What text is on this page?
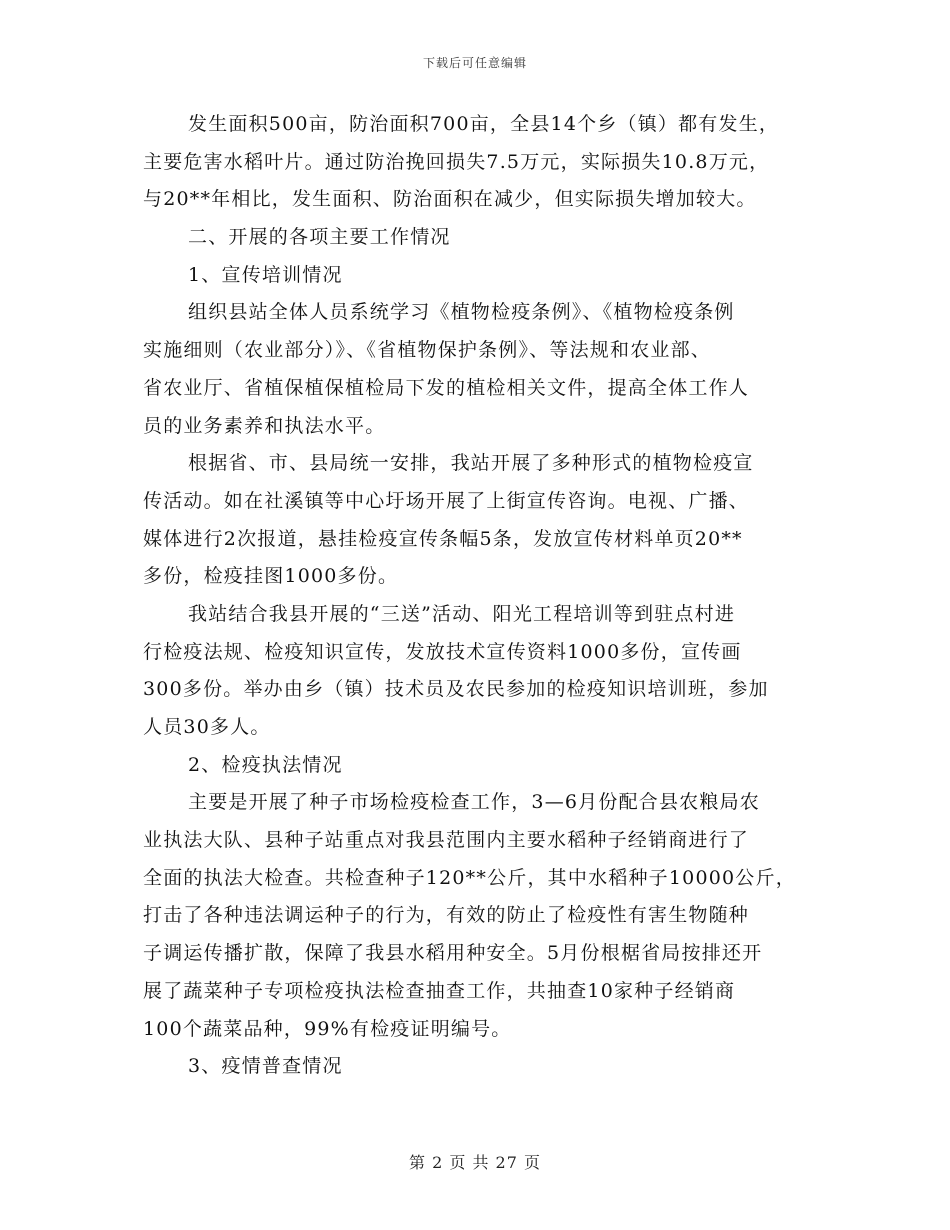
下载后可任意编辑
发生面积500亩，防治面积700亩，全县14个乡（镇）都有发生，
主要危害水稻叶片。通过防治挽回损失7.5万元，实际损失10.8万元，
与20**年相比，发生面积、防治面积在减少，但实际损失增加较大。
二、开展的各项主要工作情况
1、宣传培训情况
组织县站全体人员系统学习《植物检疫条例》、《植物检疫条例
实施细则（农业部分）》、《省植物保护条例》、等法规和农业部、
省农业厅、省植保植保植检局下发的植检相关文件，提高全体工作人
员的业务素养和执法水平。
根据省、市、县局统一安排，我站开展了多种形式的植物检疫宣
传活动。如在社溪镇等中心圩场开展了上街宣传咨询。电视、广播、
媒体进行2次报道，悬挂检疫宣传条幅5条，发放宣传材料单页20**
多份，检疫挂图1000多份。
我站结合我县开展的“三送”活动、阳光工程培训等到驻点村进
行检疫法规、检疫知识宣传，发放技术宣传资料1000多份，宣传画
300多份。举办由乡（镇）技术员及农民参加的检疫知识培训班，参加
人员30多人。
2、检疫执法情况
主要是开展了种子市场检疫检查工作，3—6月份配合县农粮局农
业执法大队、县种子站重点对我县范围内主要水稻种子经销商进行了
全面的执法大检查。共检查种子120**公斤，其中水稻种子10000公斤，
打击了各种违法调运种子的行为，有效的防止了检疫性有害生物随种
子调运传播扩散，保障了我县水稻用种安全。5月份根椐省局按排还开
展了蔬菜种子专项检疫执法检查抽查工作，共抽查10家种子经销商
100个蔬菜品种，99%有检疫证明编号。
3、疫情普查情况
第 2 页 共 27 页
